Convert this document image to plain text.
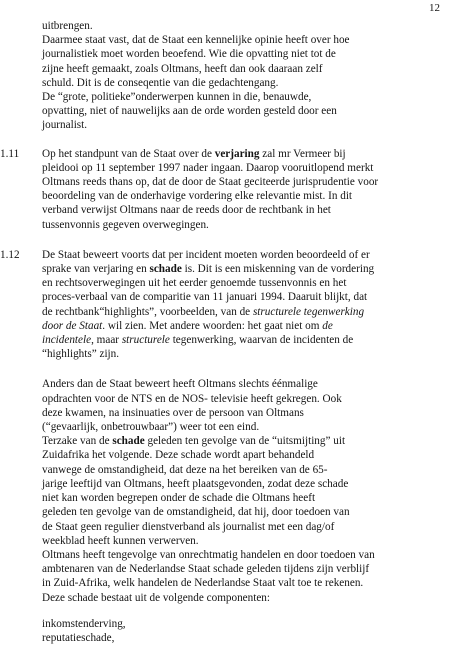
12
uitbrengen.
Daarmee staat vast, dat de Staat een kennelijke opinie heeft over hoe
journalistiek moet worden beoefend. Wie die opvatting niet tot de
zijne heeft gemaakt, zoals Oltmans, heeft dan ook daaraan zelf
schuld. Dit is de conseqentie van die gedachtengang.
De “grote, politieke”onderwerpen kunnen in die, benauwde,
opvatting, niet of nauwelijks aan de orde worden gesteld door een
journalist.
1.11 Op het standpunt van de Staat over de verjaring zal mr Vermeer bij
pleidooi op 11 september 1997 nader ingaan. Daarop vooruitlopend merkt
Oltmans reeds thans op, dat de door de Staat geciteerde jurisprudentie voor
beoordeling van de onderhavige vordering elke relevantie mist. In dit
verband verwijst Oltmans naar de reeds door de rechtbank in het
tussenvonnis gegeven overwegingen.
1.12 De Staat beweert voorts dat per incident moeten worden beoordeeld of er
sprake van verjaring en schade is. Dit is een miskenning van de vordering
en rechtsoverwegingen uit het eerder genoemde tussenvonnis en het
proces-verbaal van de comparitie van 11 januari 1994. Daaruit blijkt, dat
de rechtbank“highlights”, voorbeelden, van de structurele tegenwerking
door de Staat. wil zien. Met andere woorden: het gaat niet om de
incidentele, maar structurele tegenwerking, waarvan de incidenten de
“highlights” zijn.
Anders dan de Staat beweert heeft Oltmans slechts éénmalige
opdrachten voor de NTS en de NOS- televisie heeft gekregen. Ook
deze kwamen, na insinuaties over de persoon van Oltmans
(“gevaarlijk, onbetrouwbaar”) weer tot een eind.
Terzake van de schade geleden ten gevolge van de “uitsmijting” uit
Zuidafrika het volgende. Deze schade wordt apart behandeld
vanwege de omstandigheid, dat deze na het bereiken van de 65-
jarige leeftijd van Oltmans, heeft plaatsgevonden, zodat deze schade
niet kan worden begrepen onder de schade die Oltmans heeft
geleden ten gevolge van de omstandigheid, dat hij, door toedoen van
de Staat geen regulier dienstverband als journalist met een dag/of
weekblad heeft kunnen verwerven.
Oltmans heeft tengevolge van onrechtmatig handelen en door toedoen van
ambtenaren van de Nederlandse Staat schade geleden tijdens zijn verblijf
in Zuid-Afrika, welk handelen de Nederlandse Staat valt toe te rekenen.
Deze schade bestaat uit de volgende componenten:
inkomstenderving,
reputatieschade,
